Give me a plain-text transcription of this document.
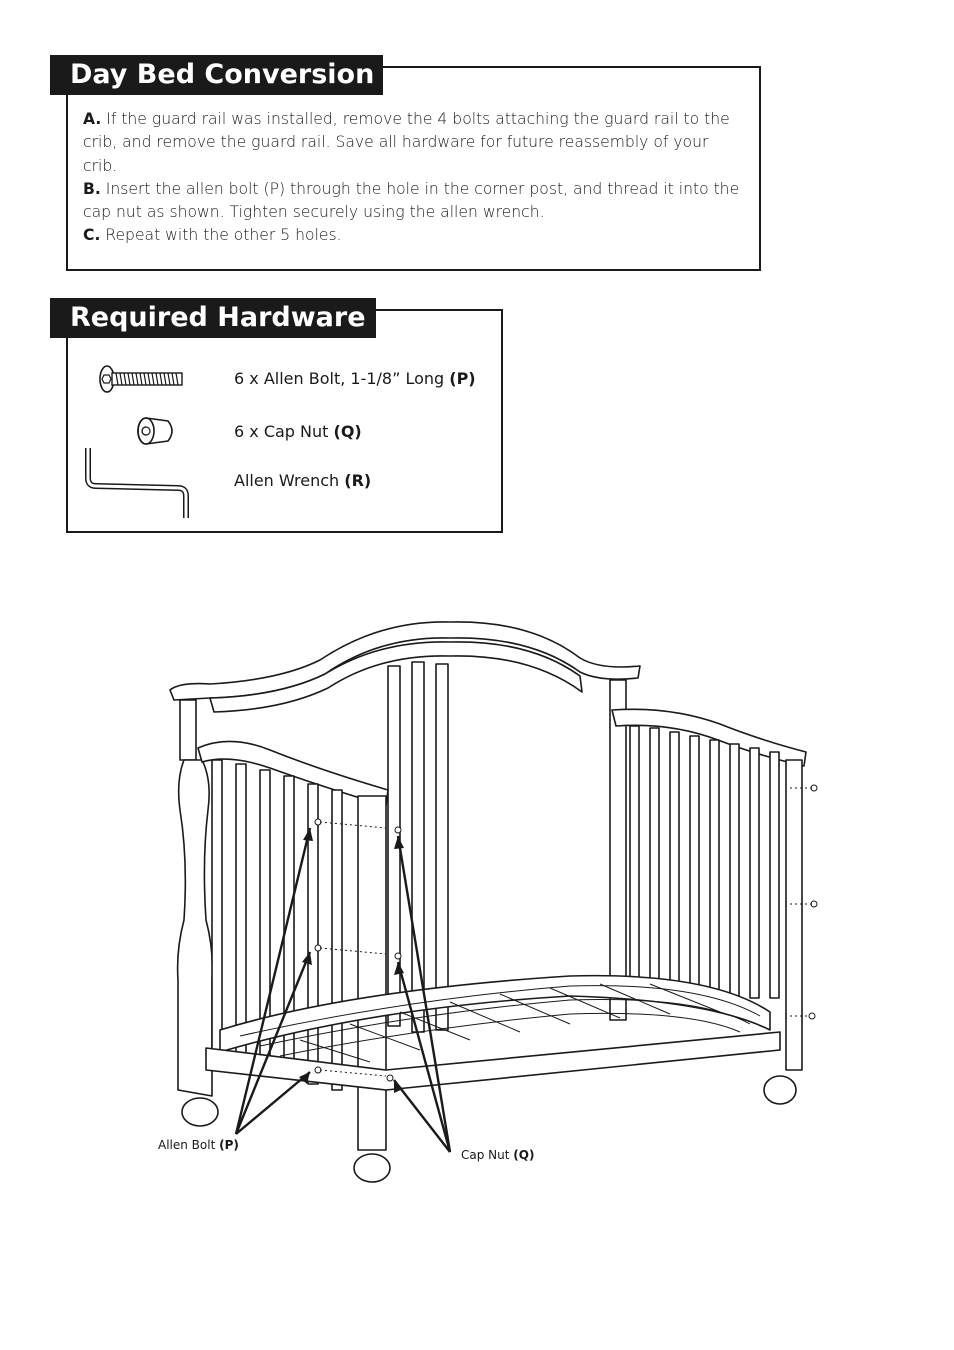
Day Bed Conversion

A. If the guard rail was installed, remove the 4 bolts attaching the guard rail to the crib, and remove the guard rail. Save all hardware for future reassembly of your crib.

B. Insert the allen bolt (P) through the hole in the corner post, and thread it into the cap nut as shown. Tighten securely using the allen wrench.

C. Repeat with the other 5 holes.

Required Hardware
6 x Allen Bolt, 1-1/8” Long (P)
6 x Cap Nut (Q)
Allen Wrench (R)
Allen Bolt (P)
Cap Nut (Q)
